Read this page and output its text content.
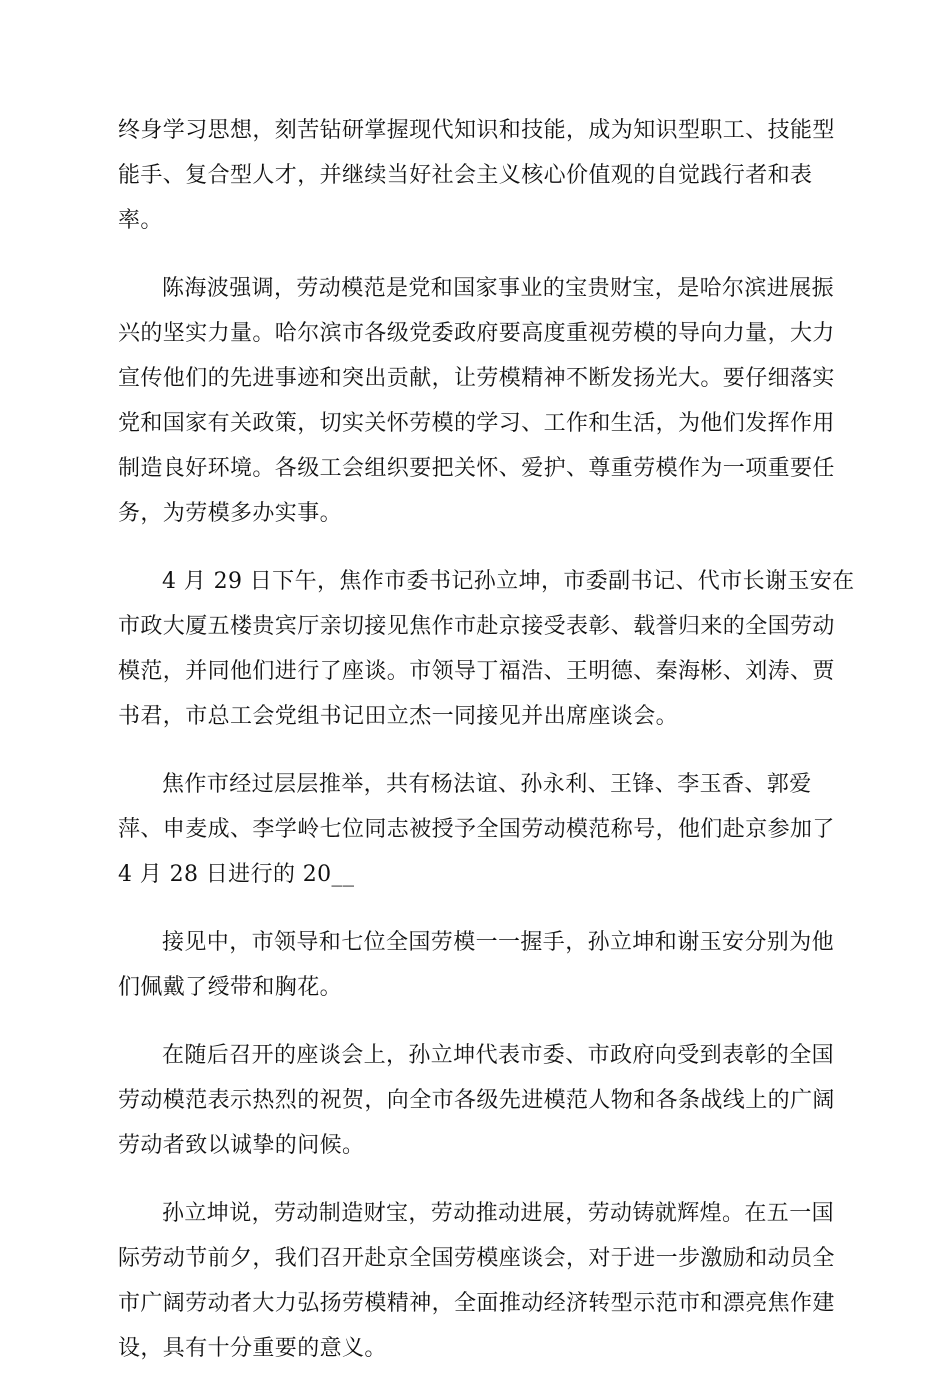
终身学习思想，刻苦钻研掌握现代知识和技能，成为知识型职工、技能型
能手、复合型人才，并继续当好社会主义核心价值观的自觉践行者和表
率。

陈海波强调，劳动模范是党和国家事业的宝贵财宝，是哈尔滨进展振
兴的坚实力量。哈尔滨市各级党委政府要高度重视劳模的导向力量，大力
宣传他们的先进事迹和突出贡献，让劳模精神不断发扬光大。要仔细落实
党和国家有关政策，切实关怀劳模的学习、工作和生活，为他们发挥作用
制造良好环境。各级工会组织要把关怀、爱护、尊重劳模作为一项重要任
务，为劳模多办实事。

4 月 29 日下午，焦作市委书记孙立坤，市委副书记、代市长谢玉安在
市政大厦五楼贵宾厅亲切接见焦作市赴京接受表彰、载誉归来的全国劳动
模范，并同他们进行了座谈。市领导丁福浩、王明德、秦海彬、刘涛、贾
书君，市总工会党组书记田立杰一同接见并出席座谈会。

焦作市经过层层推举，共有杨法谊、孙永利、王锋、李玉香、郭爱
萍、申麦成、李学岭七位同志被授予全国劳动模范称号，他们赴京参加了
4 月 28 日进行的 20__

接见中，市领导和七位全国劳模一一握手，孙立坤和谢玉安分别为他
们佩戴了绶带和胸花。

在随后召开的座谈会上，孙立坤代表市委、市政府向受到表彰的全国
劳动模范表示热烈的祝贺，向全市各级先进模范人物和各条战线上的广阔
劳动者致以诚挚的问候。

孙立坤说，劳动制造财宝，劳动推动进展，劳动铸就辉煌。在五一国
际劳动节前夕，我们召开赴京全国劳模座谈会，对于进一步激励和动员全
市广阔劳动者大力弘扬劳模精神，全面推动经济转型示范市和漂亮焦作建
设，具有十分重要的意义。
